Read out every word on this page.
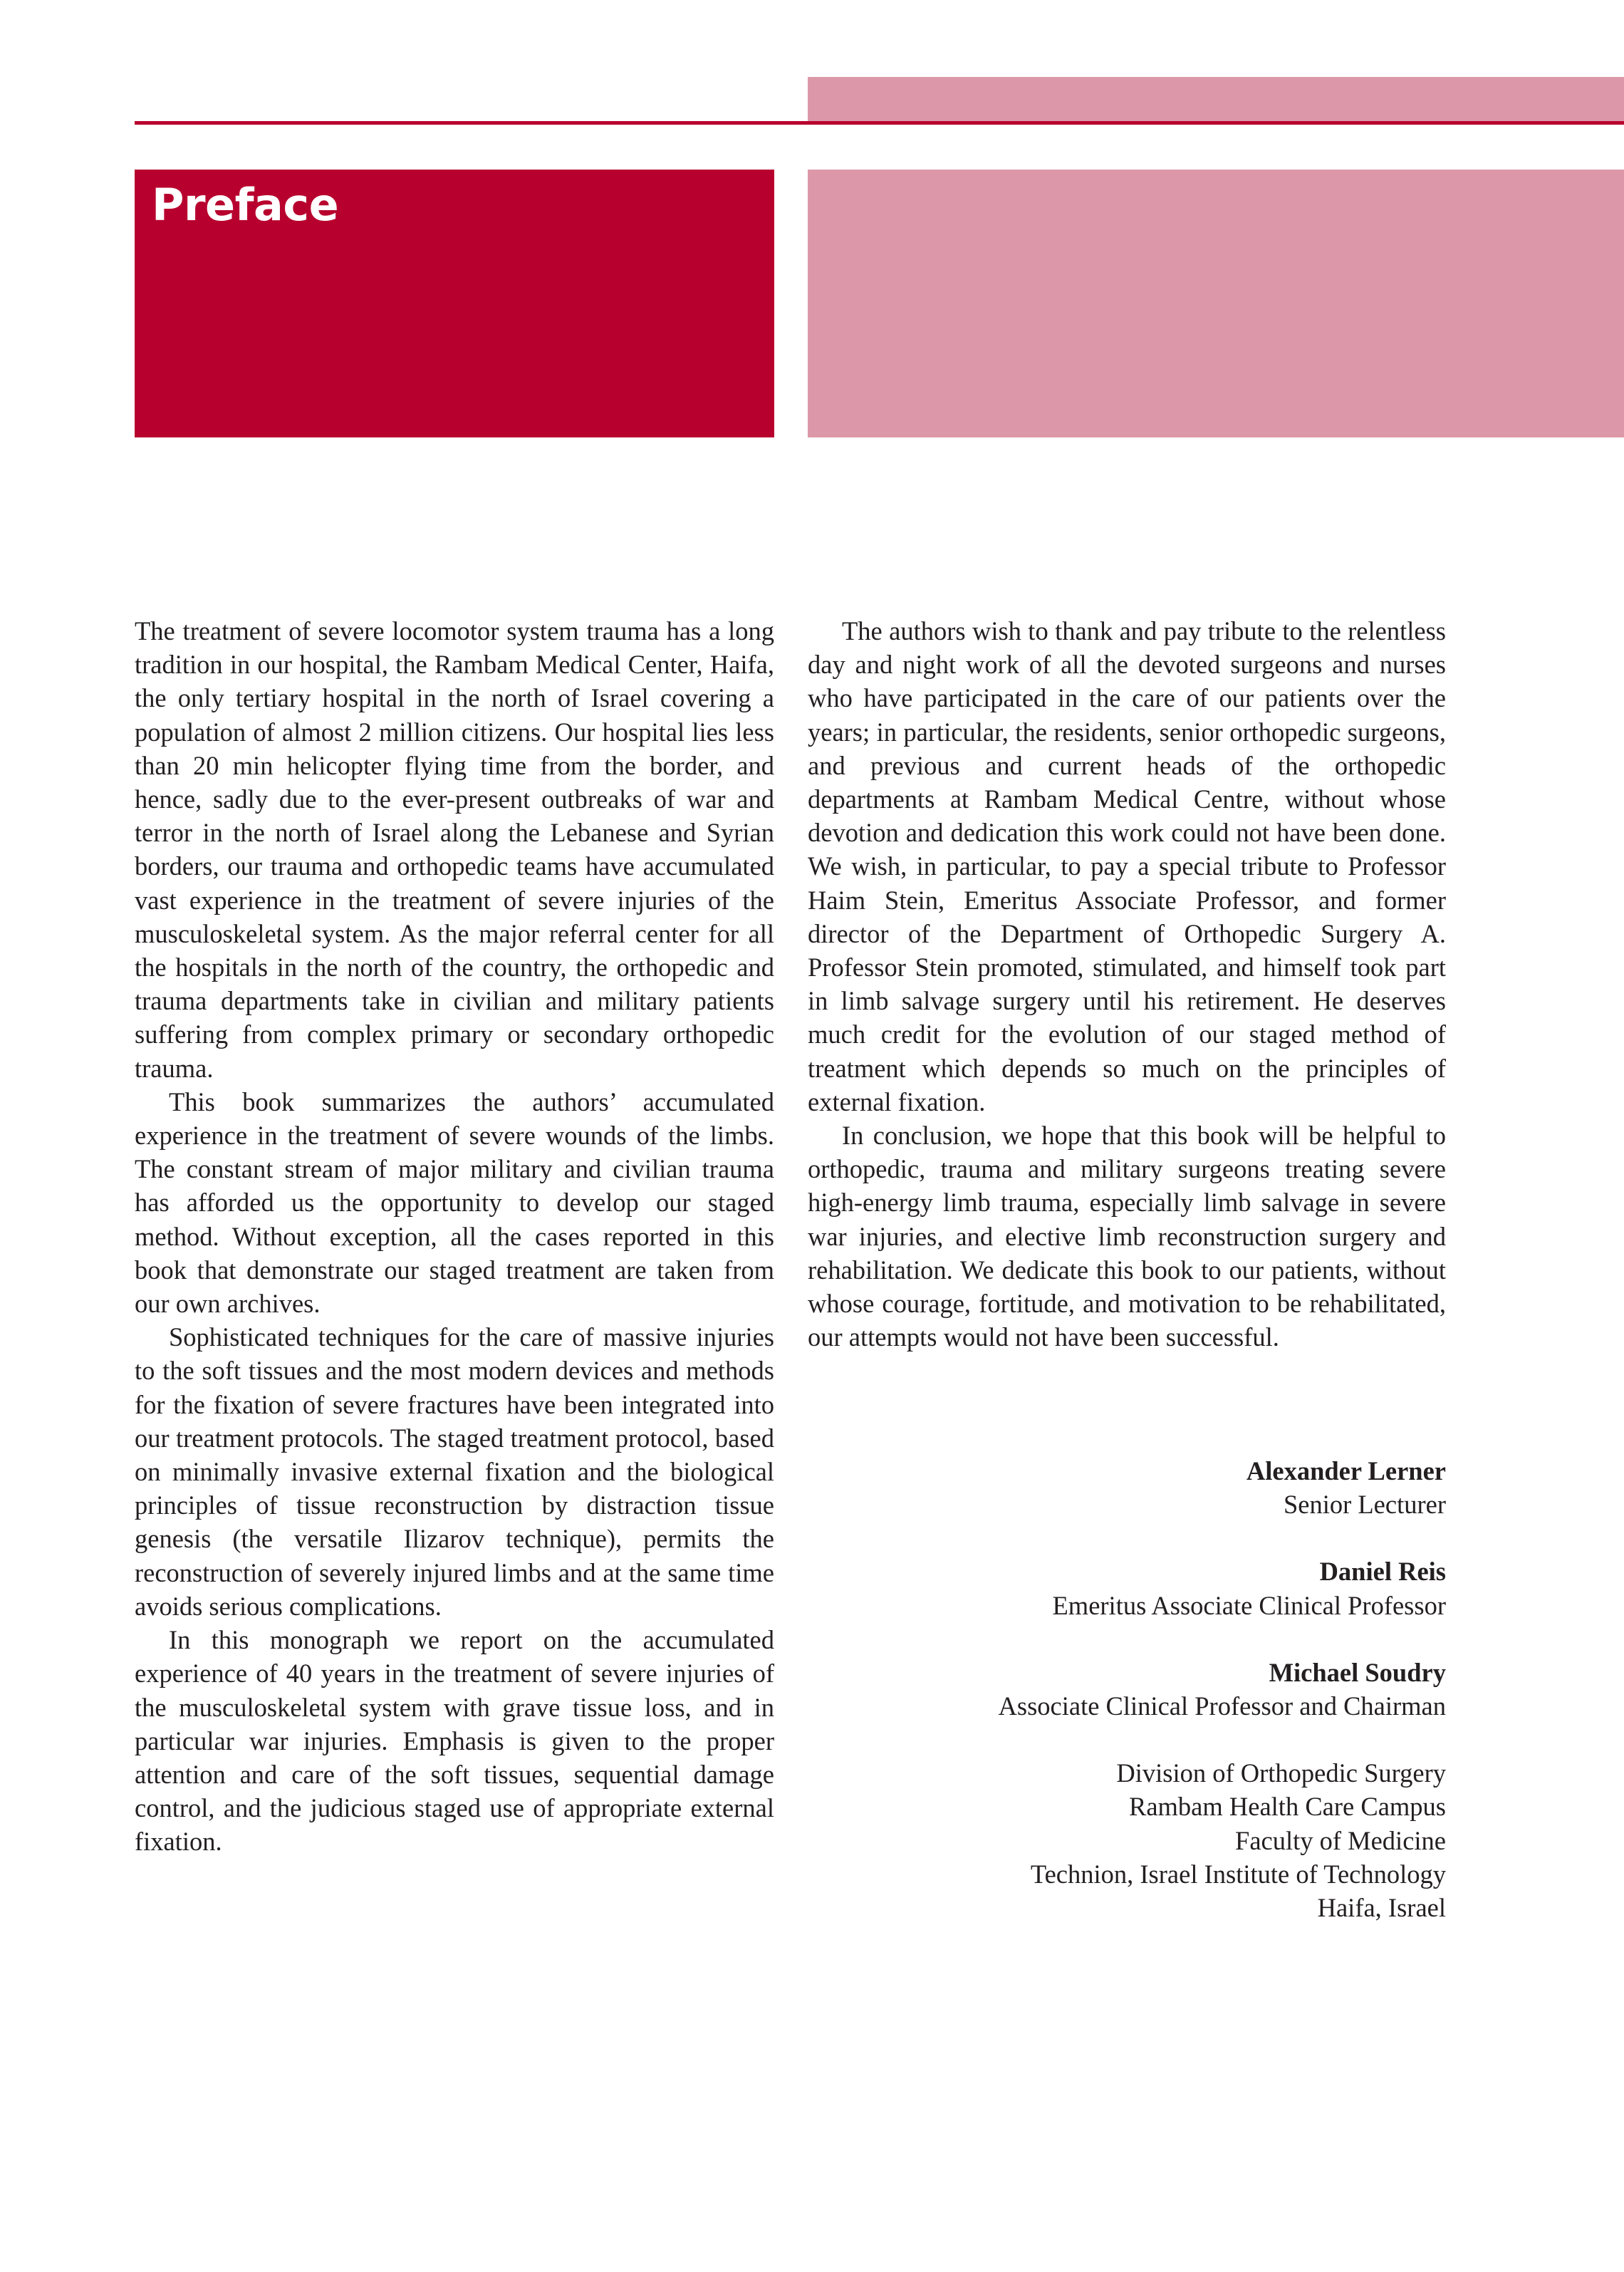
Preface

The treatment of severe locomotor system trauma has a long tradition in our hospital, the Rambam Medical Center, Haifa, the only tertiary hospital in the north of Israel covering a population of almost 2 million citizens. Our hospital lies less than 20 min helicopter flying time from the border, and hence, sadly due to the ever-present outbreaks of war and terror in the north of Israel along the Lebanese and Syrian borders, our trauma and orthopedic teams have accumulated vast experience in the treatment of severe injuries of the musculoskeletal system. As the major referral center for all the hospitals in the north of the country, the orthopedic and trauma departments take in civilian and military patients suffering from complex primary or secondary orthopedic trauma.

This book summarizes the authors’ accumulated experience in the treatment of severe wounds of the limbs. The constant stream of major military and civilian trauma has afforded us the opportunity to develop our staged method. Without exception, all the cases reported in this book that demonstrate our staged treatment are taken from our own archives.

Sophisticated techniques for the care of massive injuries to the soft tissues and the most modern devices and methods for the fixation of severe fractures have been integrated into our treatment protocols. The staged treatment protocol, based on minimally invasive external fixation and the biological principles of tissue reconstruction by distraction tissue genesis (the versatile Ilizarov technique), permits the reconstruction of severely injured limbs and at the same time avoids serious complications.

In this monograph we report on the accumulated experience of 40 years in the treatment of severe injuries of the musculoskeletal system with grave tissue loss, and in particular war injuries. Emphasis is given to the proper attention and care of the soft tissues, sequential damage control, and the judicious staged use of appropriate external fixation.

The authors wish to thank and pay tribute to the relentless day and night work of all the devoted surgeons and nurses who have participated in the care of our patients over the years; in particular, the residents, senior orthopedic surgeons, and previous and current heads of the orthopedic departments at Rambam Medical Centre, without whose devotion and dedication this work could not have been done. We wish, in particular, to pay a special tribute to Professor Haim Stein, Emeritus Associate Professor, and former director of the Department of Orthopedic Surgery A. Professor Stein promoted, stimulated, and himself took part in limb salvage surgery until his retirement. He deserves much credit for the evolution of our staged method of treatment which depends so much on the principles of external fixation.

In conclusion, we hope that this book will be helpful to orthopedic, trauma and military surgeons treating severe high-energy limb trauma, especially limb salvage in severe war injuries, and elective limb reconstruction surgery and rehabilitation. We dedicate this book to our patients, without whose courage, fortitude, and motivation to be rehabilitated, our attempts would not have been successful.

Alexander Lerner
Senior Lecturer
Daniel Reis
Emeritus Associate Clinical Professor
Michael Soudry
Associate Clinical Professor and Chairman
Division of Orthopedic Surgery
Rambam Health Care Campus
Faculty of Medicine
Technion, Israel Institute of Technology
Haifa, Israel
